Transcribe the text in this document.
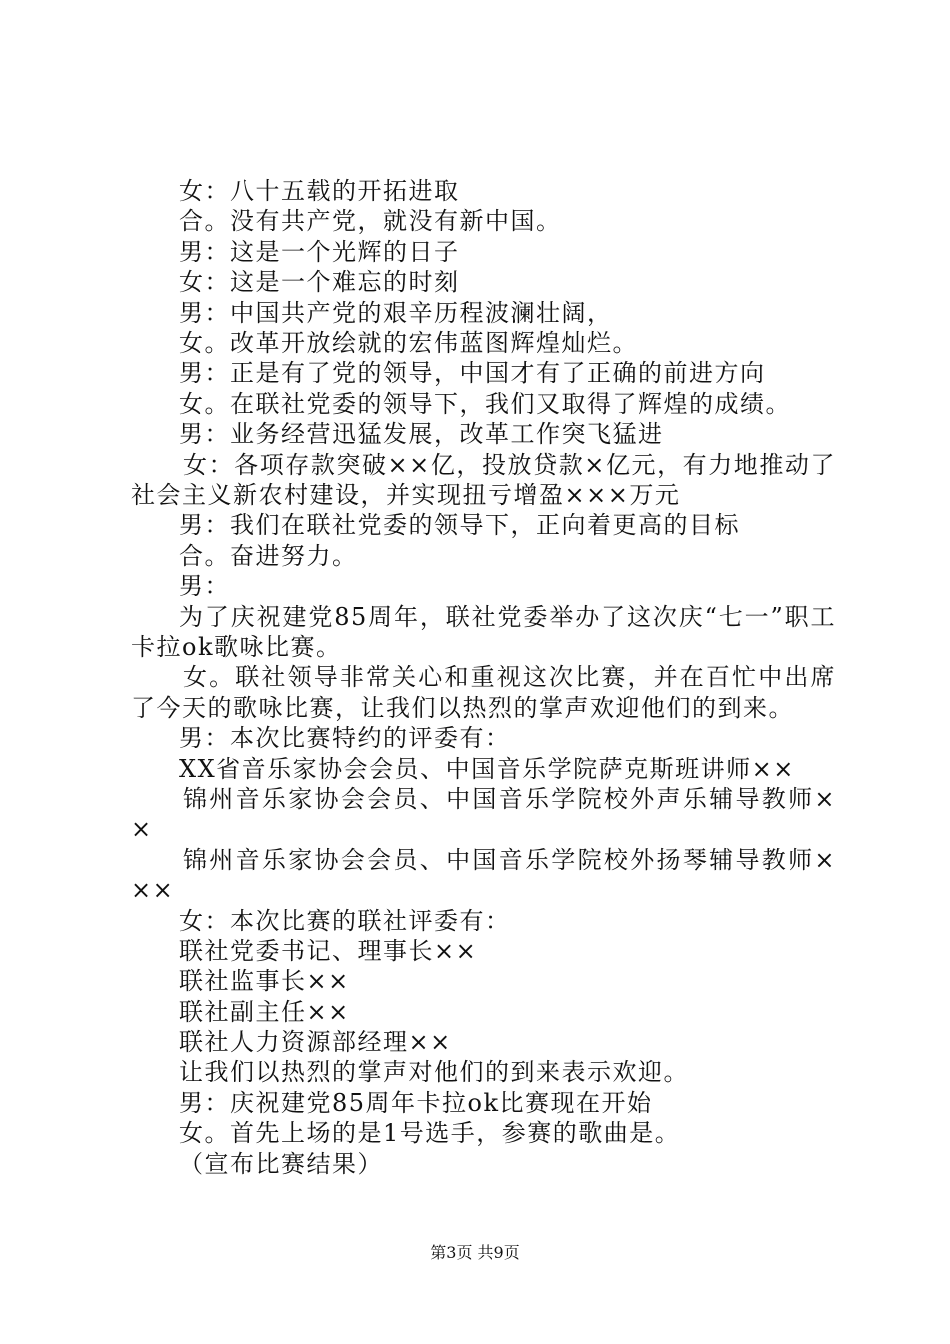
女：八十五载的开拓进取
合。没有共产党，就没有新中国。
男：这是一个光辉的日子
女：这是一个难忘的时刻
男：中国共产党的艰辛历程波澜壮阔，
女。改革开放绘就的宏伟蓝图辉煌灿烂。
男：正是有了党的领导，中国才有了正确的前进方向
女。在联社党委的领导下，我们又取得了辉煌的成绩。
男：业务经营迅猛发展，改革工作突飞猛进
女：各项存款突破××亿，投放贷款×亿元，有力地推动了社会主义新农村建设，并实现扭亏增盈×××万元
男：我们在联社党委的领导下，正向着更高的目标
合。奋进努力。
男：
为了庆祝建党85周年，联社党委举办了这次庆“七一”职工卡拉ok歌咏比赛。
女。联社领导非常关心和重视这次比赛，并在百忙中出席了今天的歌咏比赛，让我们以热烈的掌声欢迎他们的到来。
男：本次比赛特约的评委有：
XX省音乐家协会会员、中国音乐学院萨克斯班讲师××
锦州音乐家协会会员、中国音乐学院校外声乐辅导教师××
锦州音乐家协会会员、中国音乐学院校外扬琴辅导教师×××
女：本次比赛的联社评委有：
联社党委书记、理事长××
联社监事长××
联社副主任××
联社人力资源部经理××
让我们以热烈的掌声对他们的到来表示欢迎。
男：庆祝建党85周年卡拉ok比赛现在开始
女。首先上场的是1号选手，参赛的歌曲是。
（宣布比赛结果）
第3页 共9页
